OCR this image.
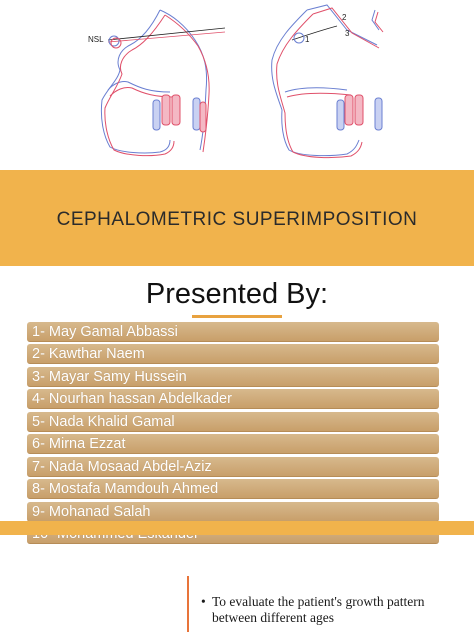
NSL	1
2
3
CEPHALOMETRIC SUPERIMPOSITION
Presented By:
1- May Gamal Abbassi
2- Kawthar Naem
3- Mayar Samy Hussein
4- Nourhan hassan Abdelkader
5- Nada Khalid Gamal
6- Mirna Ezzat
7- Nada Mosaad Abdel-Aziz
8- Mostafa Mamdouh Ahmed
9- Mohanad Salah
• To evaluate the patient's growth pattern between different ages
